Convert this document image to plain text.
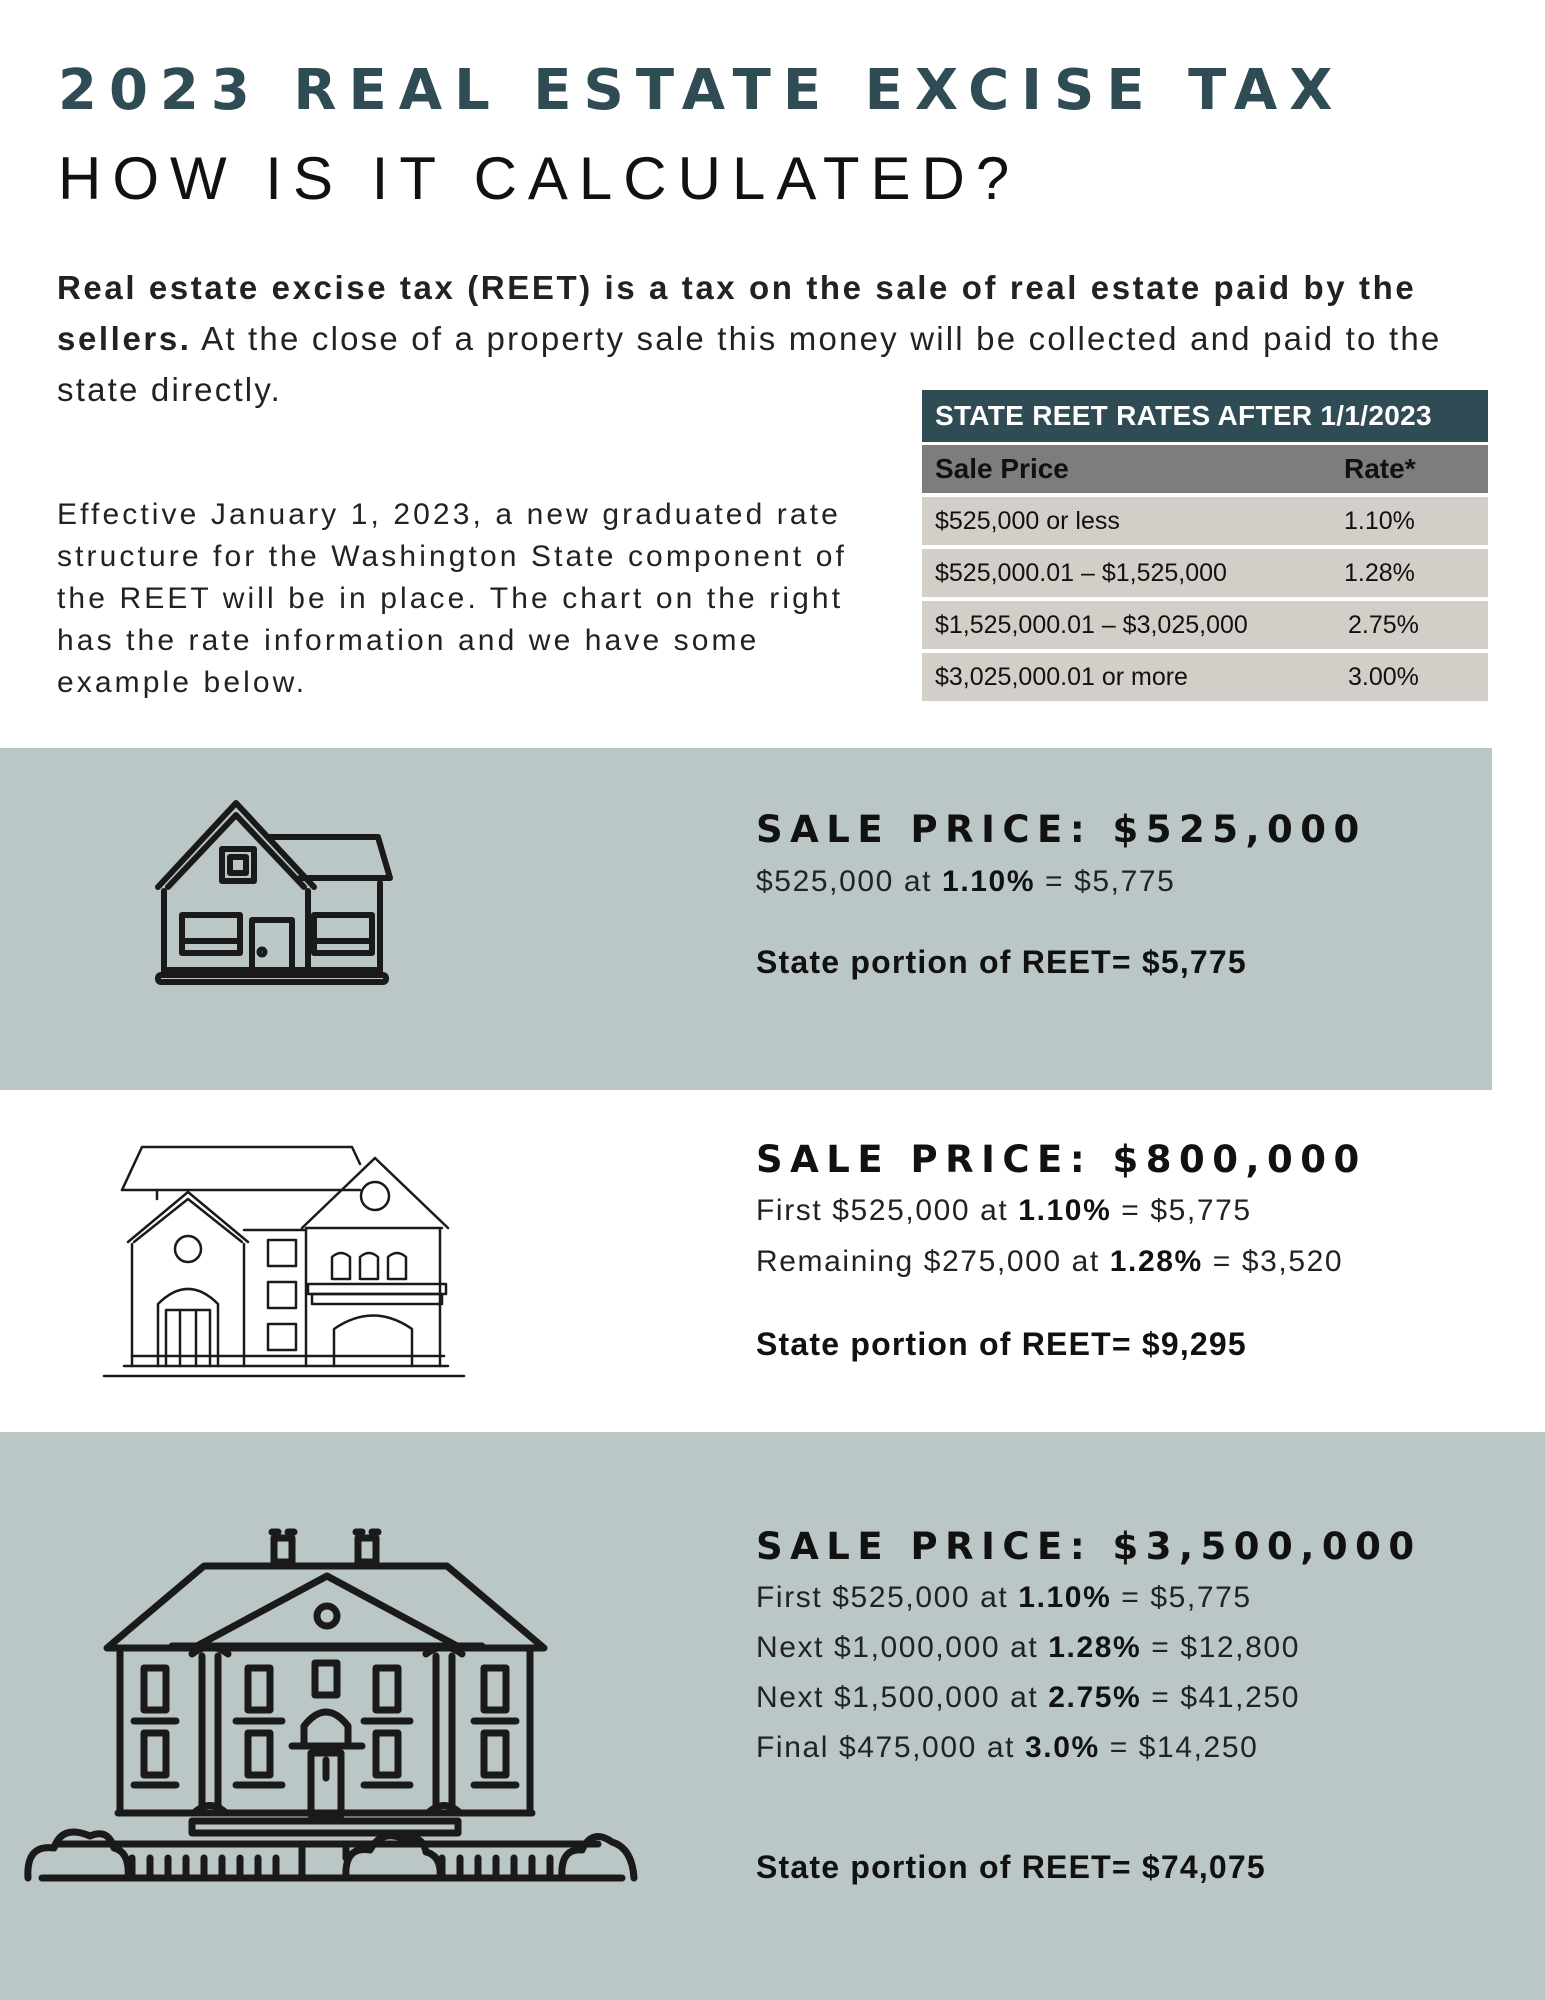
2023 REAL ESTATE EXCISE TAX
HOW IS IT CALCULATED?

Real estate excise tax (REET) is a tax on the sale of real estate paid by the sellers. At the close of a property sale this money will be collected and paid to the state directly.

Effective January 1, 2023, a new graduated rate structure for the Washington State component of the REET will be in place. The chart on the right has the rate information and we have some example below.

STATE REET RATES AFTER 1/1/2023
Sale Price	Rate*
$525,000 or less	1.10%
$525,000.01 – $1,525,000	1.28%
$1,525,000.01 – $3,025,000	2.75%
$3,025,000.01 or more	3.00%

SALE PRICE: $525,000

$525,000 at 1.10% = $5,775

State portion of REET= $5,775

SALE PRICE: $800,000

First $525,000 at 1.10% = $5,775

Remaining $275,000 at 1.28% = $3,520

State portion of REET= $9,295

SALE PRICE: $3,500,000

First $525,000 at 1.10% = $5,775

Next $1,000,000 at 1.28% = $12,800

Next $1,500,000 at 2.75% = $41,250

Final $475,000 at 3.0% = $14,250

State portion of REET= $74,075
